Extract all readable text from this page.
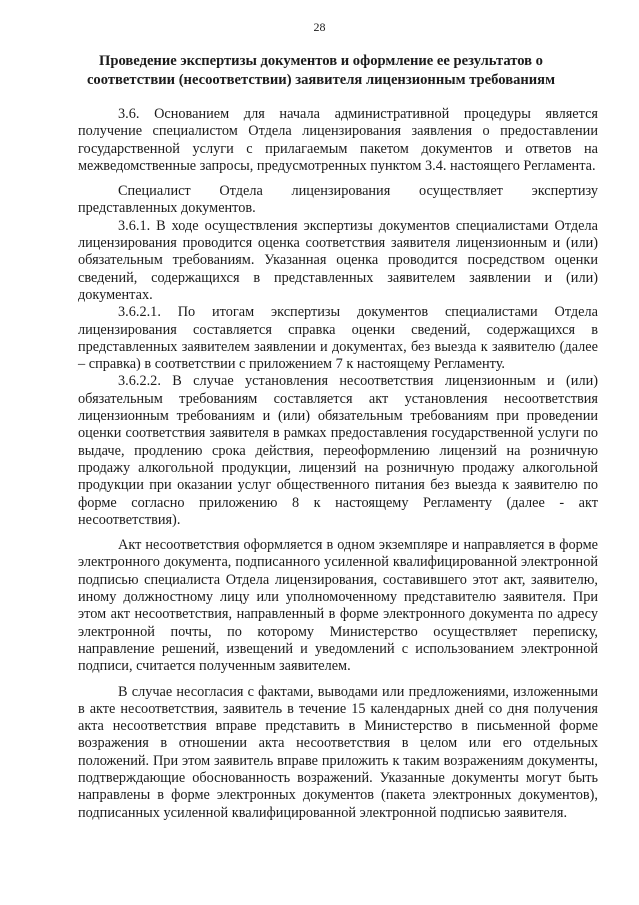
28
Проведение экспертизы документов и оформление ее результатов о
соответствии (несоответствии) заявителя лицензионным требованиям

3.6. Основанием для начала административной процедуры является получение специалистом Отдела лицензирования заявления о предоставлении государственной услуги с прилагаемым пакетом документов и ответов на межведомственные запросы, предусмотренных пунктом 3.4. настоящего Регламента.

Специалист Отдела лицензирования осуществляет экспертизу представленных документов.

3.6.1. В ходе осуществления экспертизы документов специалистами Отдела лицензирования проводится оценка соответствия заявителя лицензионным и (или) обязательным требованиям. Указанная оценка проводится посредством оценки сведений, содержащихся в представленных заявителем заявлении и (или) документах.

3.6.2.1. По итогам экспертизы документов специалистами Отдела лицензирования составляется справка оценки сведений, содержащихся в представленных заявителем заявлении и документах, без выезда к заявителю (далее – справка) в соответствии с приложением 7 к настоящему Регламенту.

3.6.2.2. В случае установления несоответствия лицензионным и (или) обязательным требованиям составляется акт установления несоответствия лицензионным требованиям и (или) обязательным требованиям при проведении оценки соответствия заявителя в рамках предоставления государственной услуги по выдаче, продлению срока действия, переоформлению лицензий на розничную продажу алкогольной продукции, лицензий на розничную продажу алкогольной продукции при оказании услуг общественного питания без выезда к заявителю по форме согласно приложению 8 к настоящему Регламенту (далее - акт несоответствия).

Акт несоответствия оформляется в одном экземпляре и направляется в форме электронного документа, подписанного усиленной квалифицированной электронной подписью специалиста Отдела лицензирования, составившего этот акт, заявителю, иному должностному лицу или уполномоченному представителю заявителя. При этом акт несоответствия, направленный в форме электронного документа по адресу электронной почты, по которому Министерство осуществляет переписку, направление решений, извещений и уведомлений с использованием электронной подписи, считается полученным заявителем.

В случае несогласия с фактами, выводами или предложениями, изложенными в акте несоответствия, заявитель в течение 15 календарных дней со дня получения акта несоответствия вправе представить в Министерство в письменной форме возражения в отношении акта несоответствия в целом или его отдельных положений. При этом заявитель вправе приложить к таким возражениям документы, подтверждающие обоснованность возражений. Указанные документы могут быть направлены в форме электронных документов (пакета электронных документов), подписанных усиленной квалифицированной электронной подписью заявителя.
